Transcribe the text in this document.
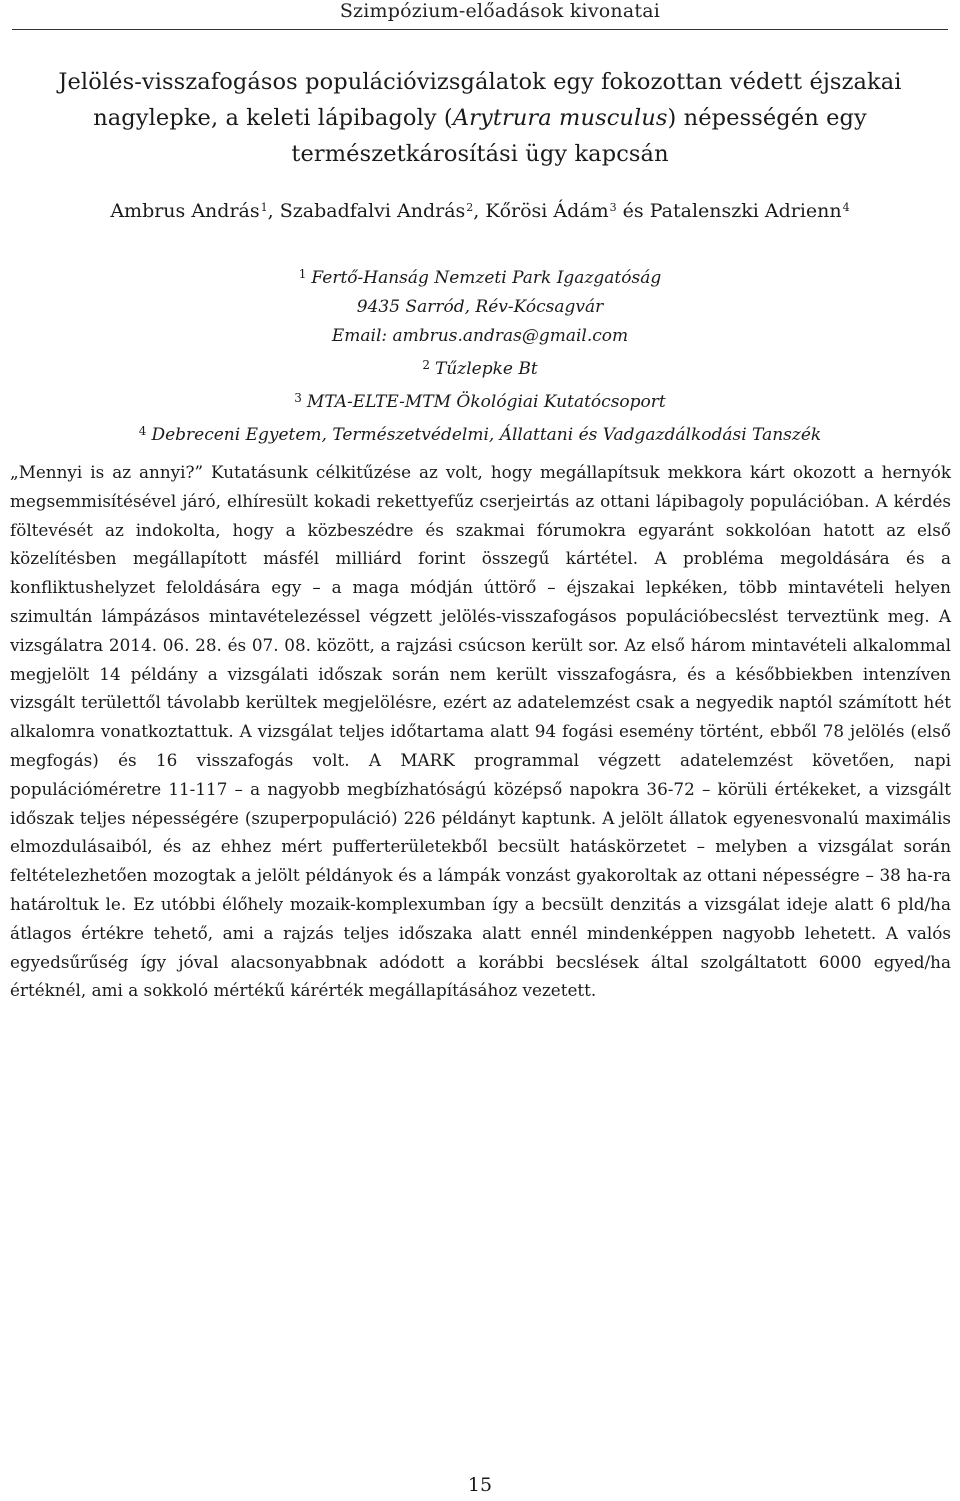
Szimpózium-előadások kivonatai
Jelölés-visszafogásos populációvizsgálatok egy fokozottan védett éjszakai nagylepke, a keleti lápibagoly (Arytrura musculus) népességén egy természetkárosítási ügy kapcsán
Ambrus András$^1$, Szabadfalvi András$^2$, Kőrösi Ádám$^3$ és Patalenszki Adrienn$^4$
$^1$ Fertő-Hanság Nemzeti Park Igazgatóság
9435 Sarród, Rév-Kócsagvár
Email: ambrus.andras@gmail.com
$^2$ Tűzlepke Bt
$^3$ MTA-ELTE-MTM Ökológiai Kutatócsoport
$^4$ Debreceni Egyetem, Természetvédelmi, Állattani és Vadgazdálkodási Tanszék

„Mennyi is az annyi?” Kutatásunk célkitűzése az volt, hogy megállapítsuk mekkora kárt okozott a hernyók megsemmisítésével járó, elhíresült kokadi rekettyefűz cserjeirtás az ottani lápibagoly populációban. A kérdés föltevését az indokolta, hogy a közbeszédre és szakmai fórumokra egyaránt sokkolóan hatott az első közelítésben megállapított másfél milliárd forint összegű kártétel. A probléma megoldására és a konfliktushelyzet feloldására egy – a maga módján úttörő – éjszakai lepkéken, több mintavételi helyen szimultán lámpázásos mintavételezéssel végzett jelölés-visszafogásos populációbecslést terveztünk meg. A vizsgálatra 2014. 06. 28. és 07. 08. között, a rajzási csúcson került sor. Az első három mintavételi alkalommal megjelölt 14 példány a vizsgálati időszak során nem került visszafogásra, és a későbbiekben intenzíven vizsgált területtől távolabb kerültek megjelölésre, ezért az adatelemzést csak a negyedik naptól számított hét alkalomra vonatkoztattuk. A vizsgálat teljes időtartama alatt 94 fogási esemény történt, ebből 78 jelölés (első megfogás) és 16 visszafogás volt. A MARK programmal végzett adatelemzést követően, napi populációméretre 11-117 – a nagyobb megbízhatóságú középső napokra 36-72 – körüli értékeket, a vizsgált időszak teljes népességére (szuperpopuláció) 226 példányt kaptunk. A jelölt állatok egyenesvonalú maximális elmozdulásaiból, és az ehhez mért pufferterületekből becsült hatáskörzetet – melyben a vizsgálat során feltételezhetően mozogtak a jelölt példányok és a lámpák vonzást gyakoroltak az ottani népességre – 38 ha-ra határoltuk le. Ez utóbbi élőhely mozaik-komplexumban így a becsült denzitás a vizsgálat ideje alatt 6 pld/ha átlagos értékre tehető, ami a rajzás teljes időszaka alatt ennél mindenképpen nagyobb lehetett. A valós egyedsűrűség így jóval alacsonyabbnak adódott a korábbi becslések által szolgáltatott 6000 egyed/ha értéknél, ami a sokkoló mértékű kárérték megállapításához vezetett.

15
